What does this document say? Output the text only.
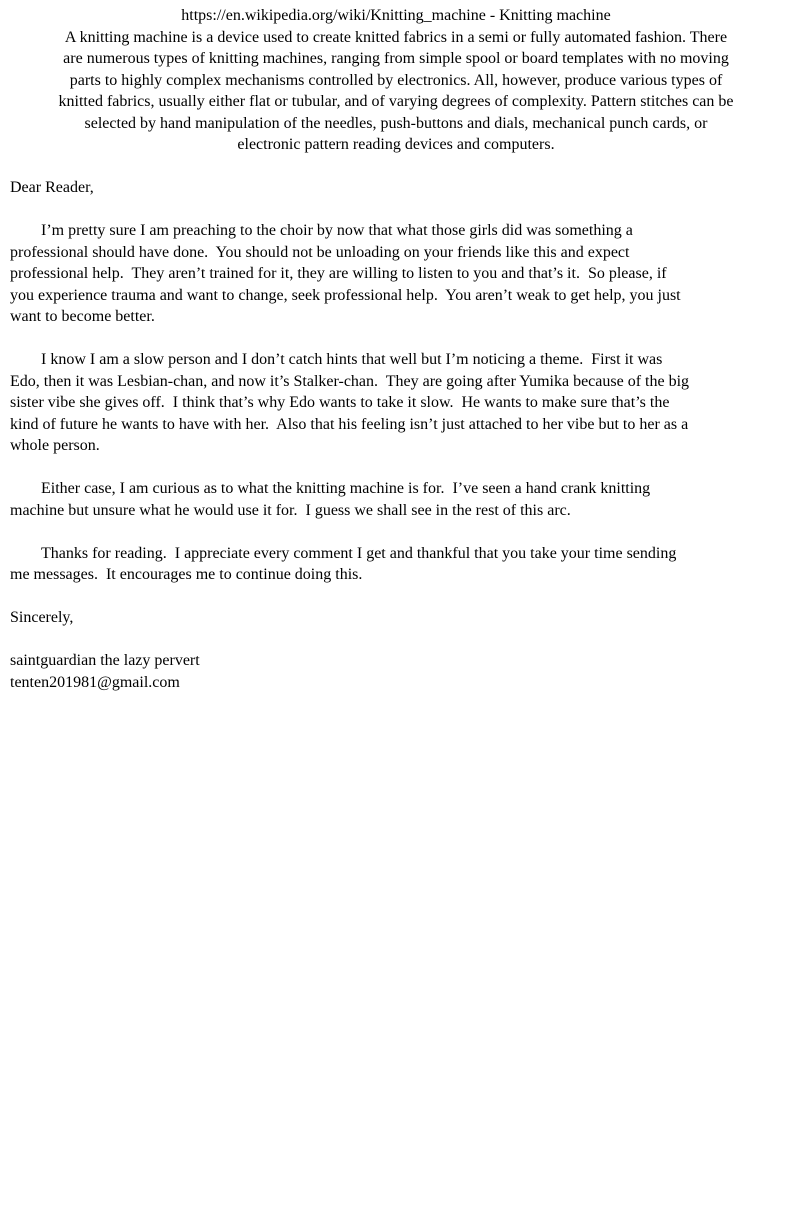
https://en.wikipedia.org/wiki/Knitting_machine - Knitting machine
A knitting machine is a device used to create knitted fabrics in a semi or fully automated fashion. There
are numerous types of knitting machines, ranging from simple spool or board templates with no moving
parts to highly complex mechanisms controlled by electronics. All, however, produce various types of
knitted fabrics, usually either flat or tubular, and of varying degrees of complexity. Pattern stitches can be
selected by hand manipulation of the needles, push-buttons and dials, mechanical punch cards, or
electronic pattern reading devices and computers.

Dear Reader,

I’m pretty sure I am preaching to the choir by now that what those girls did was something a
professional should have done.  You should not be unloading on your friends like this and expect
professional help.  They aren’t trained for it, they are willing to listen to you and that’s it.  So please, if
you experience trauma and want to change, seek professional help.  You aren’t weak to get help, you just
want to become better.

I know I am a slow person and I don’t catch hints that well but I’m noticing a theme.  First it was
Edo, then it was Lesbian-chan, and now it’s Stalker-chan.  They are going after Yumika because of the big
sister vibe she gives off.  I think that’s why Edo wants to take it slow.  He wants to make sure that’s the
kind of future he wants to have with her.  Also that his feeling isn’t just attached to her vibe but to her as a
whole person.

Either case, I am curious as to what the knitting machine is for.  I’ve seen a hand crank knitting
machine but unsure what he would use it for.  I guess we shall see in the rest of this arc.

Thanks for reading.  I appreciate every comment I get and thankful that you take your time sending
me messages.  It encourages me to continue doing this.

Sincerely,

saintguardian the lazy pervert
tenten201981@gmail.com
